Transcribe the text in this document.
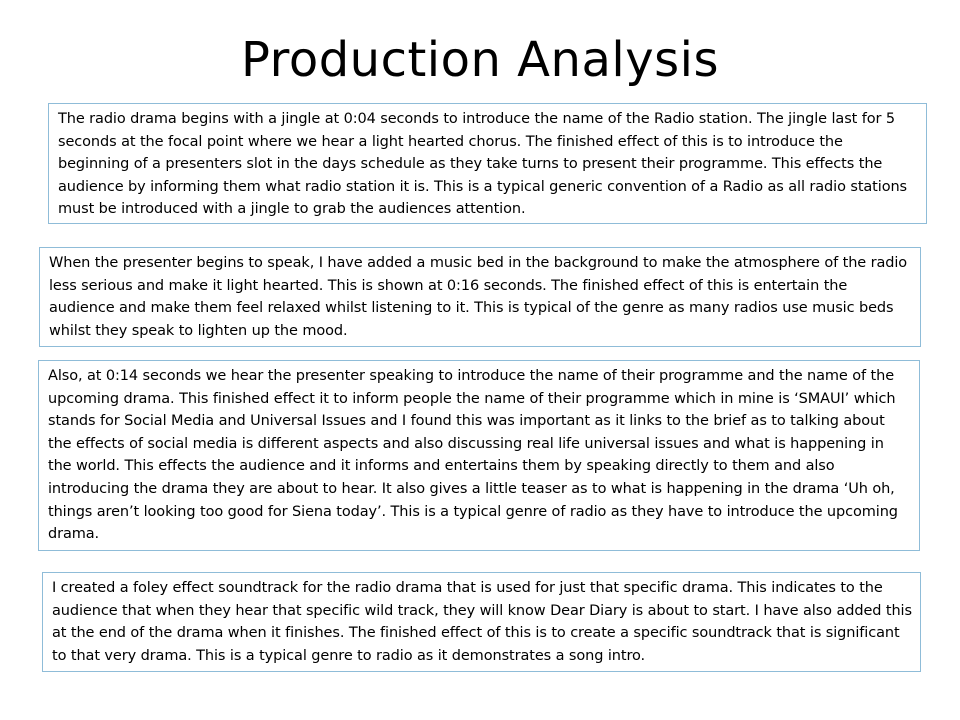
Production Analysis
The radio drama begins with a jingle at 0:04 seconds to introduce the name of the Radio station. The jingle last for 5 seconds at the focal point where we hear a light hearted chorus. The finished effect of this is to introduce the beginning of a presenters slot in the days schedule as they take turns to present their programme. This effects the audience by informing them what radio station it is. This is a typical generic convention of a Radio as all radio stations must be introduced with a jingle to grab the audiences attention.
When the presenter begins to speak, I have added a music bed in the background to make the atmosphere of the radio less serious and make it light hearted. This is shown at 0:16 seconds. The finished effect of this is entertain the audience and make them feel relaxed whilst listening to it. This is typical of the genre as many radios use music beds whilst they speak to lighten up the mood.
Also, at 0:14 seconds we hear the presenter speaking to introduce the name of their programme and the name of the upcoming drama. This finished effect it to inform people the name of their programme which in mine is ‘SMAUI’ which stands for Social Media and Universal Issues and I found this was important as it links to the brief as to talking about the effects of social media is different aspects and also discussing real life universal issues and what is happening in the world. This effects the audience and it informs and entertains them by speaking directly to them and also introducing the drama they are about to hear. It also gives a little teaser as to what is happening in the drama ‘Uh oh, things aren’t looking too good for Siena today’. This is a typical genre of radio as they have to introduce the upcoming drama.
I created a foley effect soundtrack for the radio drama that is used for just that specific drama. This indicates to the audience that when they hear that specific wild track, they will know Dear Diary is about to start. I have also added this at the end of the drama when it finishes. The finished effect of this is to create a specific soundtrack that is significant to that very drama. This is a typical genre to radio as it demonstrates a song intro.
